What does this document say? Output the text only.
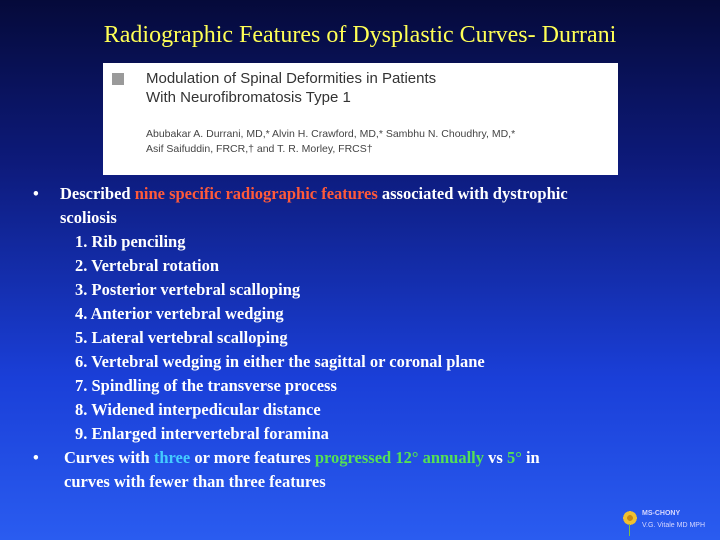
Radiographic Features of Dysplastic Curves- Durrani
Modulation of Spinal Deformities in Patients
With Neurofibromatosis Type 1
Abubakar A. Durrani, MD,* Alvin H. Crawford, MD,* Sambhu N. Choudhry, MD,*
Asif Saifuddin, FRCR,† and T. R. Morley, FRCS†
• Described nine specific radiographic features associated with dystrophic
scoliosis
1. Rib penciling
2. Vertebral rotation
3. Posterior vertebral scalloping
4. Anterior vertebral wedging
5. Lateral vertebral scalloping
6. Vertebral wedging in either the sagittal or coronal plane
7. Spindling of the transverse process
8. Widened interpedicular distance
9. Enlarged intervertebral foramina
• Curves with three or more features progressed 12° annually vs 5° in
curves with fewer than three features
MS-CHONY
V.G. Vitale MD MPH
